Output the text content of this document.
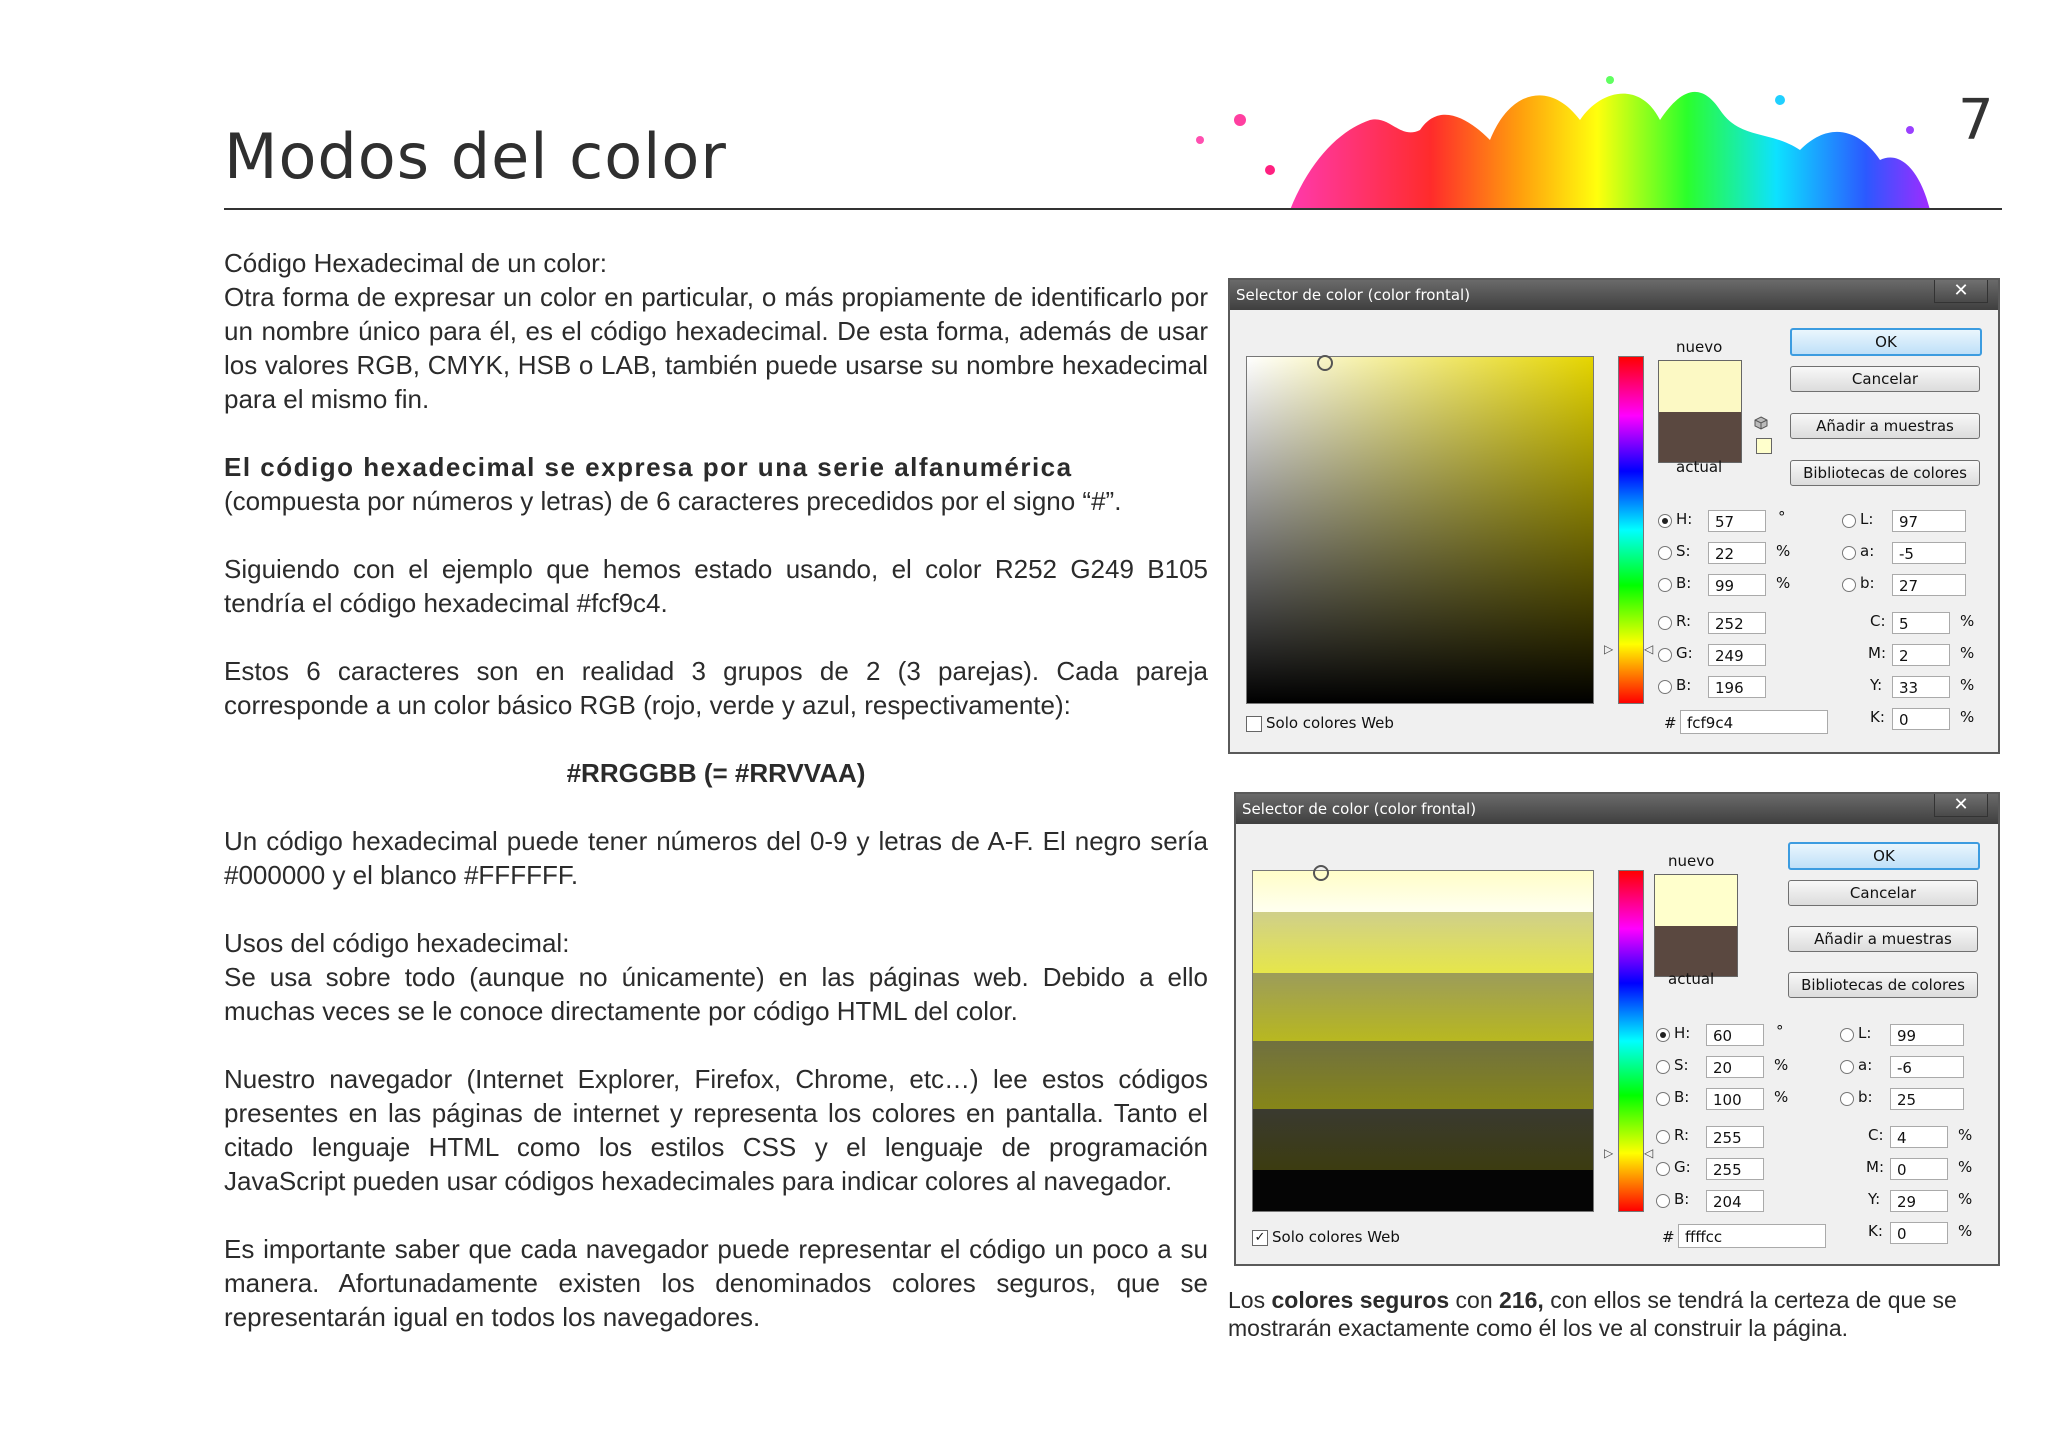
Modos del color	7

Código Hexadecimal de un color:

Otra forma de expresar un color en particular, o más propiamente de identificarlo por un nombre único para él, es el código hexadecimal. De esta forma, además de usar los valores RGB, CMYK, HSB o LAB, también puede usarse su nombre hexadecimal para el mismo fin.

El código hexadecimal se expresa por una serie alfanumérica
(compuesta por números y letras) de 6 caracteres precedidos por el signo “#”.

Siguiendo con el ejemplo que hemos estado usando, el color R252 G249 B105 tendría el código hexadecimal #fcf9c4.

Estos 6 caracteres son en realidad 3 grupos de 2 (3 parejas). Cada pareja corresponde a un color básico RGB (rojo, verde y azul, respectivamente):

#RRGGBB (= #RRVVAA)

Un código hexadecimal puede tener números del 0-9 y letras de A-F. El negro sería #000000 y el blanco #FFFFFF.

Usos del código hexadecimal:

Se usa sobre todo (aunque no únicamente) en las páginas web. Debido a ello muchas veces se le conoce directamente por código HTML del color.

Nuestro navegador (Internet Explorer, Firefox, Chrome, etc…) lee estos códigos presentes en las páginas de internet y representa los colores en pantalla. Tanto el citado lenguaje HTML como los estilos CSS y el lenguaje de programación JavaScript pueden usar códigos hexadecimales para indicar colores al navegador.

Es importante saber que cada navegador puede representar el código un poco a su manera. Afortunadamente existen los denominados colores seguros, que se representarán igual en todos los navegadores.

Selector de color (color frontal)	✕
▷	◁
nuevo
actual
OK
Cancelar
Añadir a muestras
Bibliotecas de colores
H:	57	°
S:	22	%
B:	99	%
R:	252
G:	249
B:	196
L:	97
a:	-5
b:	27
C: 5	%
M: 2	%
Y:	33	%
K: 0	%
# fcf9c4
Solo colores Web
Selector de color (color frontal)	✕
▷	◁
nuevo
actual
OK
Cancelar
Añadir a muestras
Bibliotecas de colores
H:	60	°
S:	20	%
B:	100	%
R:	255
G:	255
B:	204
L:	99
a:	-6
b:	25
C: 4	%
M: 0	%
Y:	29	%
K: 0	%
# ffffcc
✓ Solo colores Web
Los colores seguros con 216, con ellos se tendrá la certeza de que se mostrarán exactamente como él los ve al construir la página.
